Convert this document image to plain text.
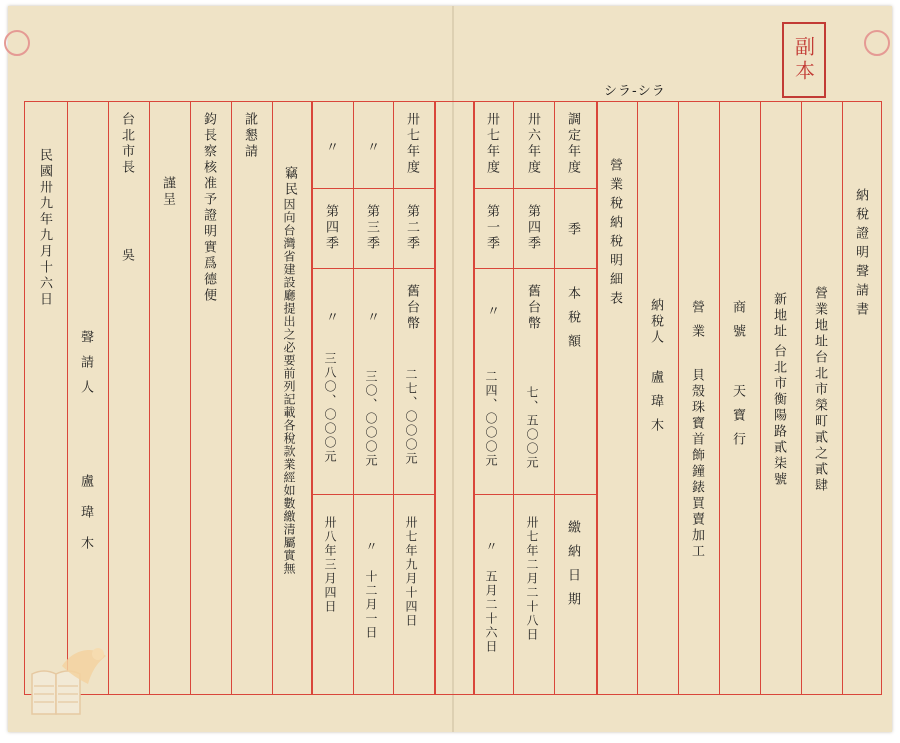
副本
シラ-シラ
納稅證明聲請書
營業地址
台北市榮町貳之貳肆
新地址
台北市衡陽路貳柒號
商號
天寶行
營業
貝殼珠寶首飾鐘錶買賣加工
納稅人
盧瑋木
營業稅納稅明細表
調定年度
季
本稅額
繳納日期
卅六年度
第四季
舊台幣
七、五〇〇元
卅七年二月二十八日
卅七年度
第一季
〃
二四、〇〇〇元
〃 五月二十六日
卅七年度
第二季
舊台幣
二七、〇〇〇元
卅七年九月十四日
〃
第三季
〃
三〇、〇〇〇元
〃 十二月一日
〃
第四季
〃
三八〇、〇〇〇元
卅八年三月四日
竊民
因向台灣省建設廳提出之必要前列記載各稅款業經如數繳清屬實無
訛懇請
鈞長察核准予證明實爲德便
謹呈
台北市長
吳
聲請人
盧瑋木
民國卅九年九月十六日
